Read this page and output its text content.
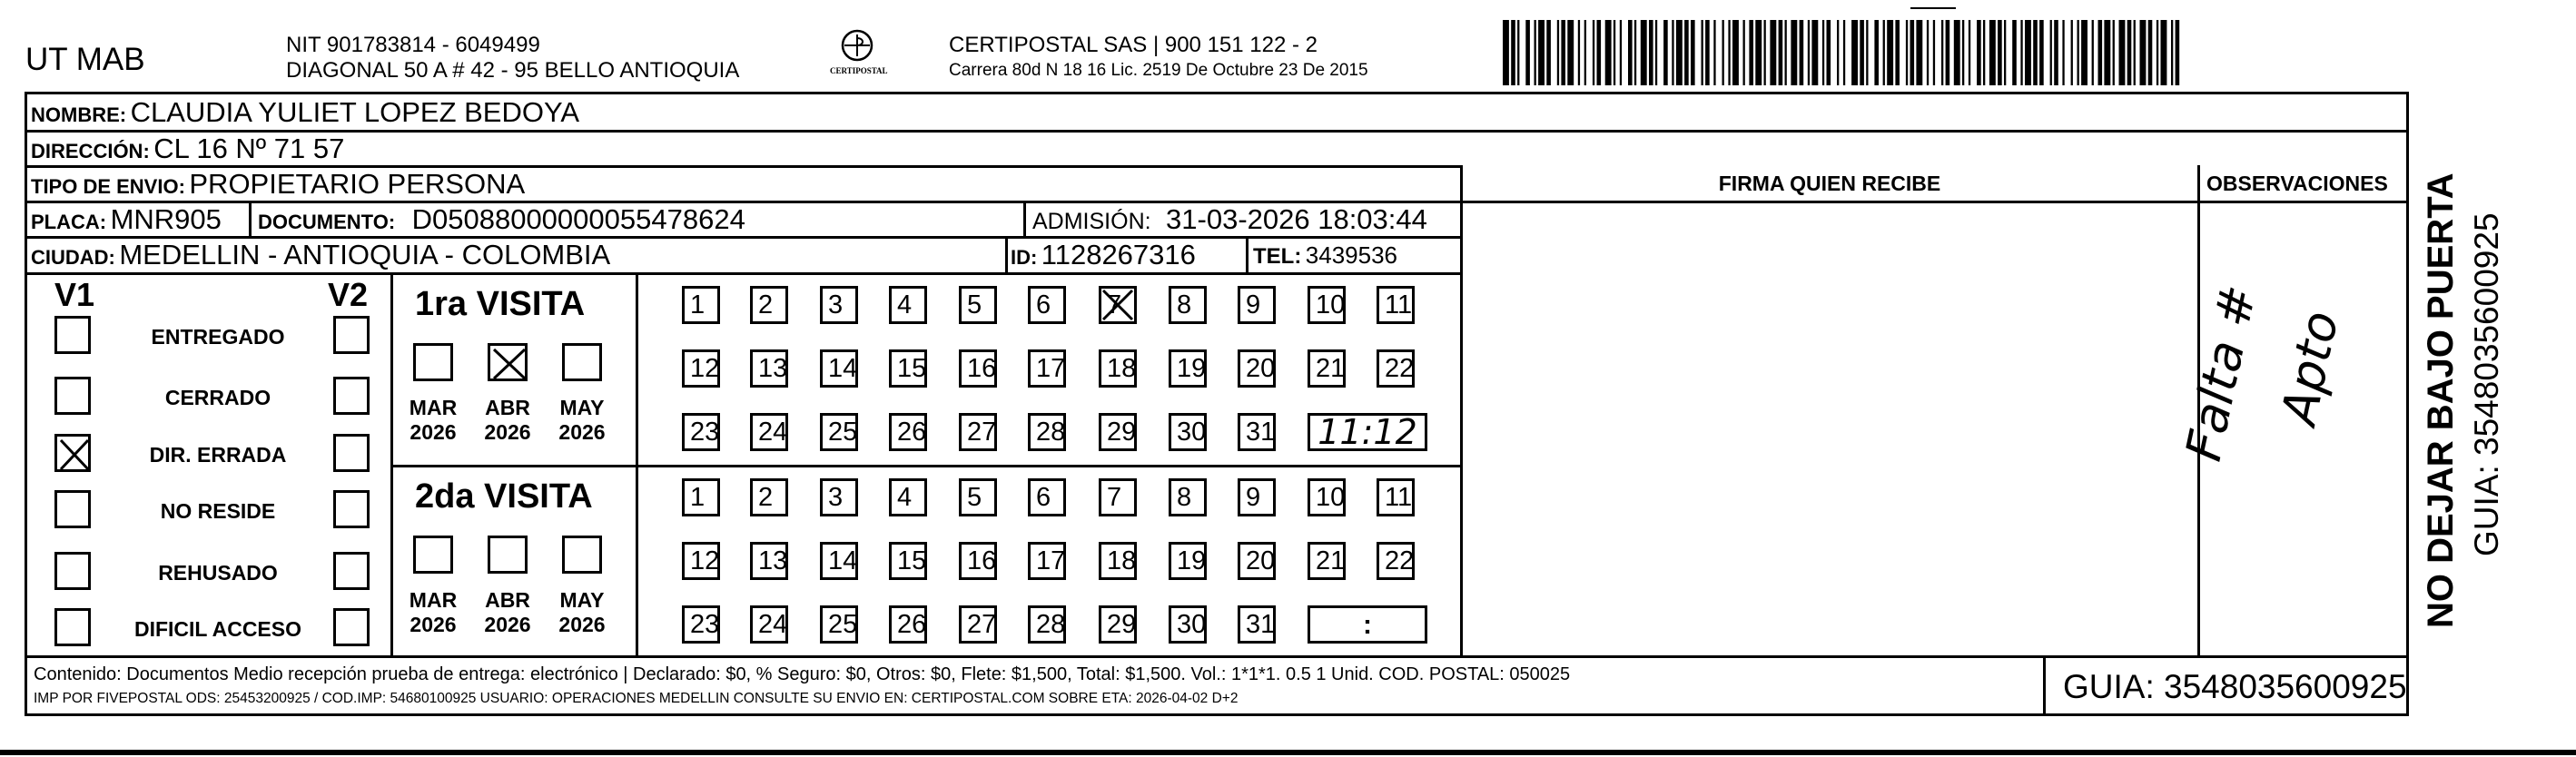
UT MAB	NIT 901783814 - 6049499
DIAGONAL 50 A # 42 - 95 BELLO ANTIOQUIA	CERTIPOSTAL
CERTIPOSTAL SAS | 900 151 122 - 2
Carrera 80d N 18 16 Lic. 2519 De Octubre 23 De 2015
NOMBRE: CLAUDIA YULIET LOPEZ BEDOYA
DIRECCIÓN: CL 16 Nº 71 57
TIPO DE ENVIO: PROPIETARIO PERSONA
PLACA: MNR905 DOCUMENTO: D05088000000055478624	ADMISIÓN: 31-03-2026 18:03:44
CIUDAD: MEDELLIN - ANTIOQUIA - COLOMBIA	ID: 1128267316	TEL: 3439536
FIRMA QUIEN RECIBE	OBSERVACIONES
Falta # Apto
V1	V2
ENTREGADO
CERRADO
DIR. ERRADA
NO RESIDE
REHUSADO
DIFICIL ACCESO
1ra VISITA
MAR
2026
ABR
2026
MAY
2026
1	2	3	4	5	6	7	8	9	10	11
12	13	14	15	16	17	18	19	20	21	22
23	24	25	26	27	28	29	30	31 11:12
2da VISITA
MAR
2026
ABR
2026
MAY
2026
1	2	3	4	5	6	7	8	9	10	11
12	13	14	15	16	17	18	19	20	21	22
23	24	25	26	27	28	29	30	31	:
Contenido: Documentos Medio recepción prueba de entrega: electrónico | Declarado: $0, % Seguro: $0, Otros: $0, Flete: $1,500, Total: $1,500. Vol.: 1*1*1. 0.5 1 Unid. COD. POSTAL: 050025
IMP POR FIVEPOSTAL ODS: 25453200925 / COD.IMP: 54680100925 USUARIO: OPERACIONES MEDELLIN CONSULTE SU ENVIO EN: CERTIPOSTAL.COM SOBRE ETA: 2026-04-02 D+2	GUIA: 3548035600925
NO DEJAR BAJO PUERTA GUIA: 3548035600925
